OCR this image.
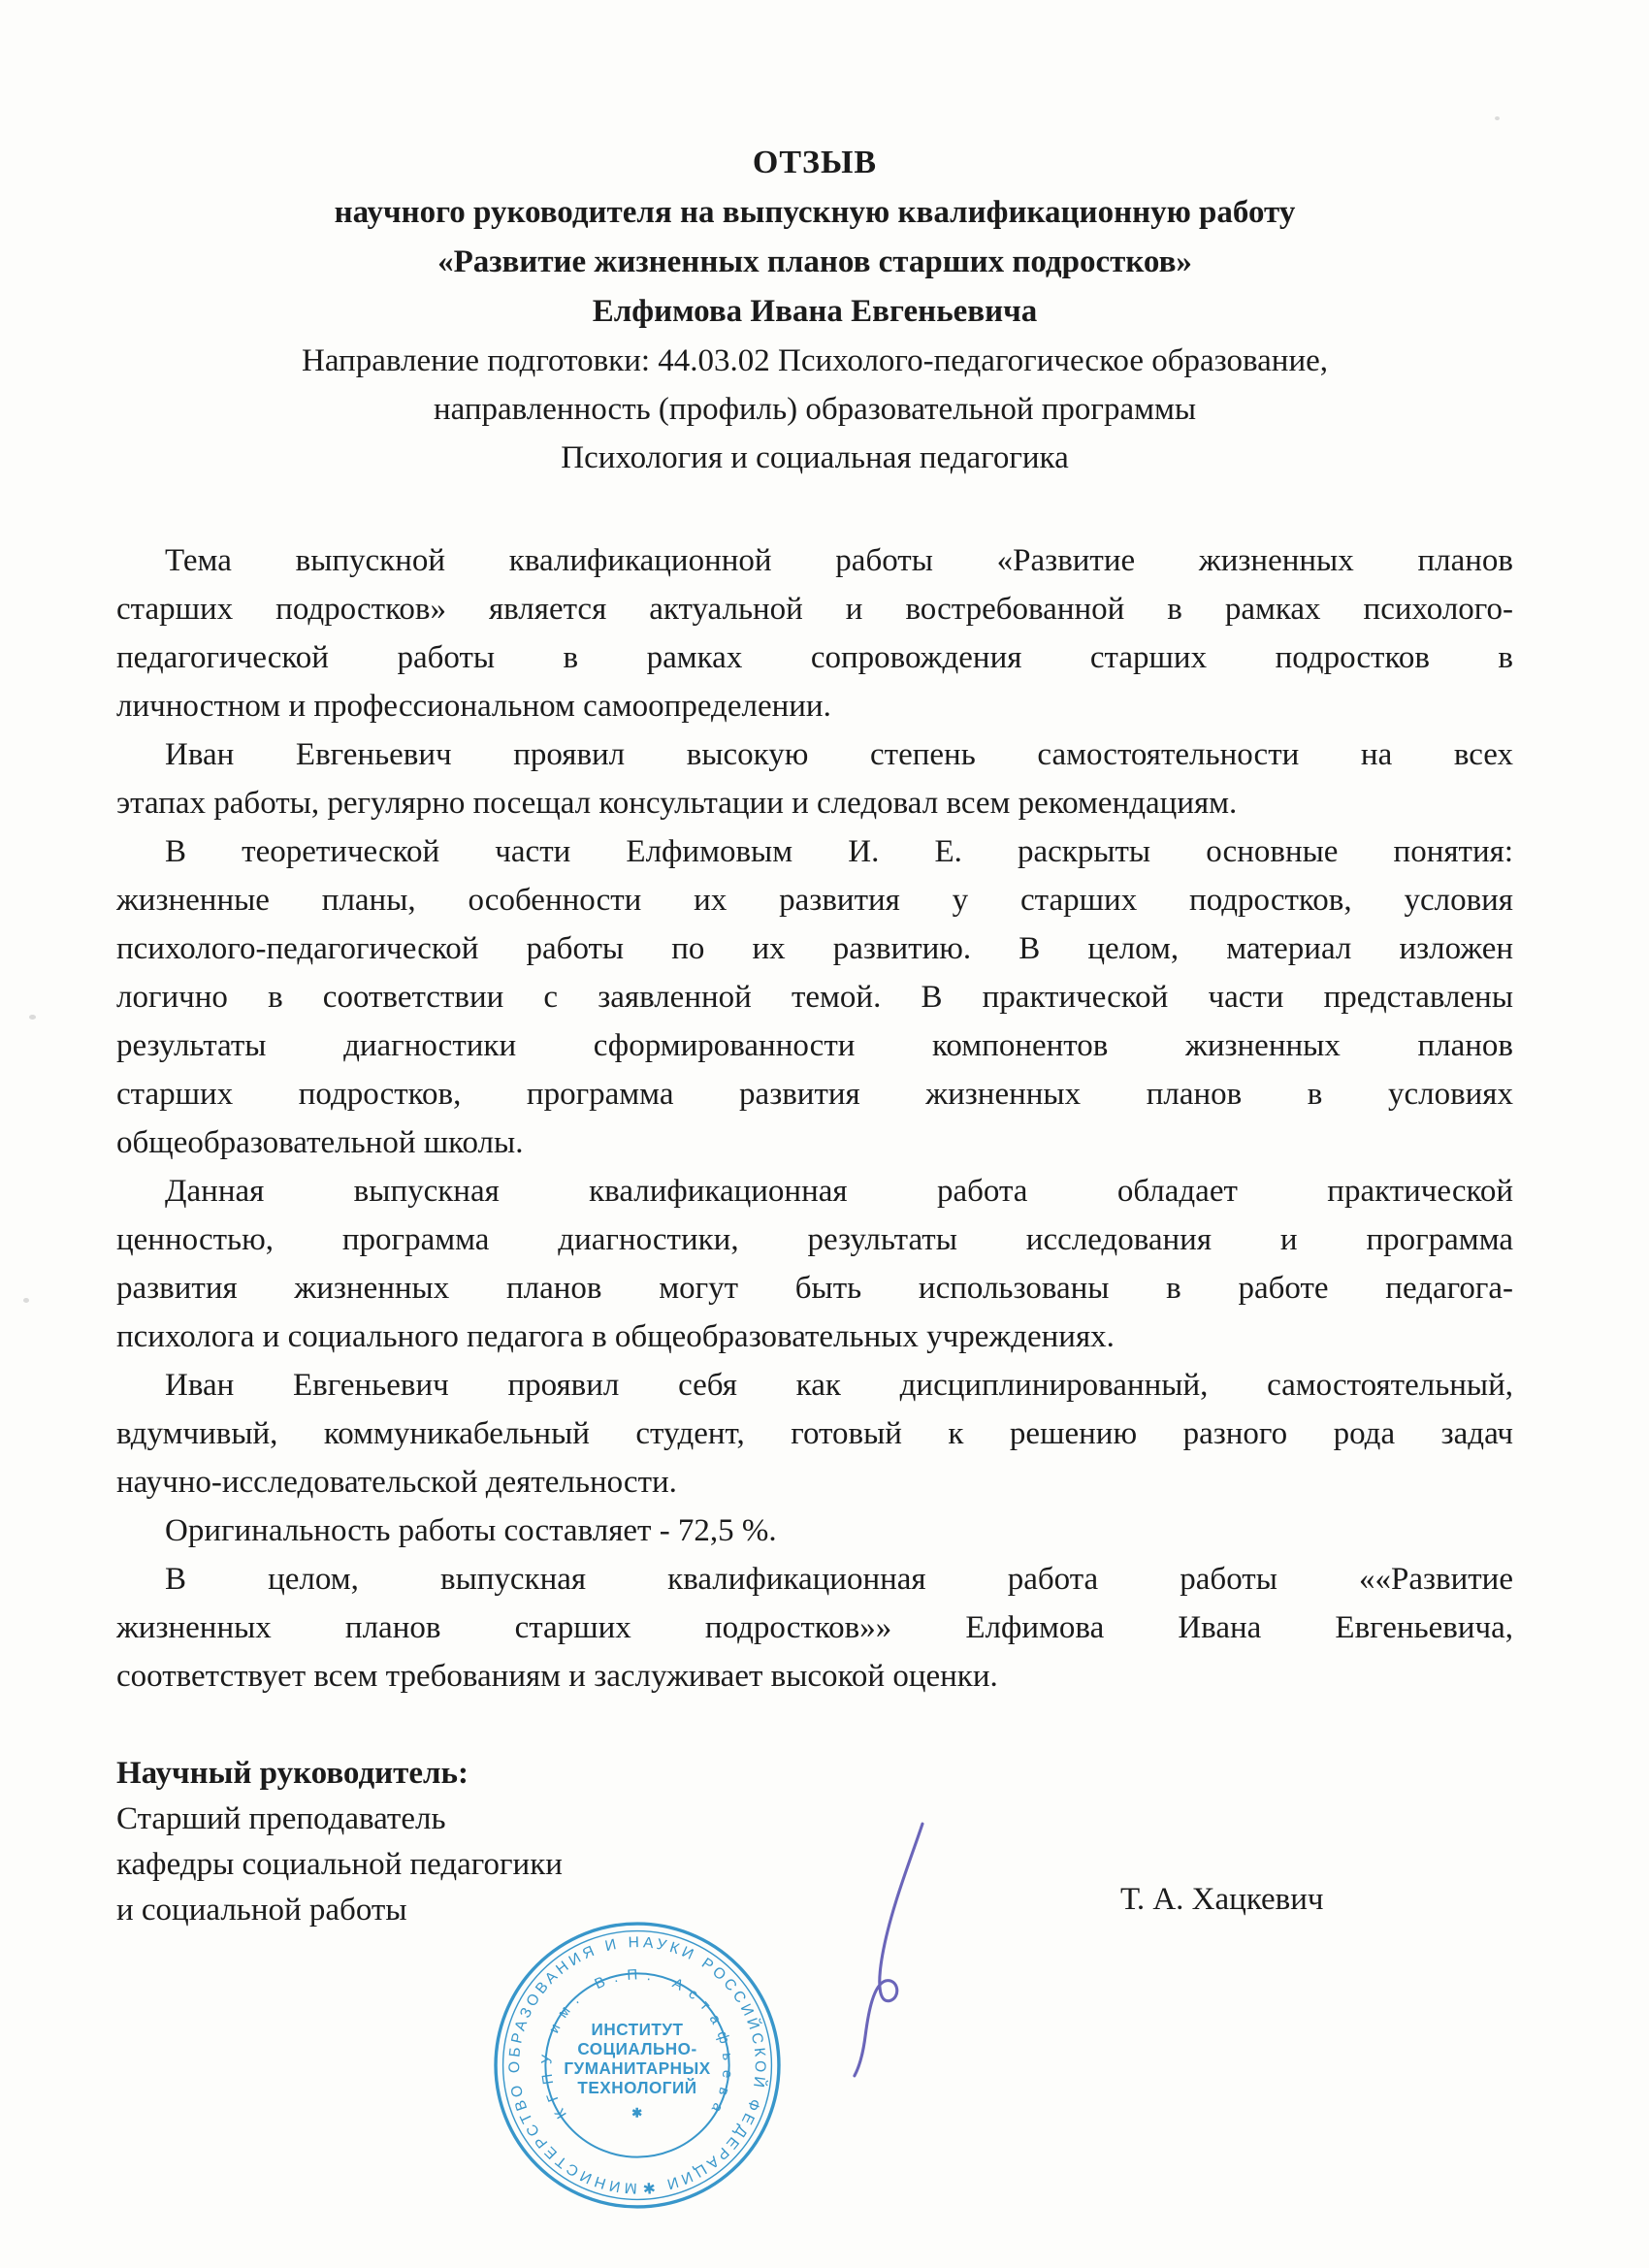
ОТЗЫВ
научного руководителя на выпускную квалификационную работу
«Развитие жизненных планов старших подростков»
Елфимова Ивана Евгеньевича
Направление подготовки: 44.03.02 Психолого-педагогическое образование,
направленность (профиль) образовательной программы
Психология и социальная педагогика
Тема выпускной квалификационной работы «Развитие жизненных планов
старших подростков» является актуальной и востребованной в рамках психолого-
педагогической работы в рамках сопровождения старших подростков в
личностном и профессиональном самоопределении.
Иван Евгеньевич проявил высокую степень самостоятельности на всех
этапах работы, регулярно посещал консультации и следовал всем рекомендациям.
В теоретической части Елфимовым И. Е. раскрыты основные понятия:
жизненные планы, особенности их развития у старших подростков, условия
психолого-педагогической работы по их развитию. В целом, материал изложен
логично в соответствии с заявленной темой. В практической части представлены
результаты диагностики сформированности компонентов жизненных планов
старших подростков, программа развития жизненных планов в условиях
общеобразовательной школы.
Данная выпускная квалификационная работа обладает практической
ценностью, программа диагностики, результаты исследования и программа
развития жизненных планов могут быть использованы в работе педагога-
психолога и социального педагога в общеобразовательных учреждениях.
Иван Евгеньевич проявил себя как дисциплинированный, самостоятельный,
вдумчивый, коммуникабельный студент, готовый к решению разного рода задач
научно-исследовательской деятельности.
Оригинальность работы составляет - 72,5 %.
В целом, выпускная квалификационная работа работы ««Развитие
жизненных планов старших подростков»» Елфимова Ивана Евгеньевича,
соответствует всем требованиям и заслуживает высокой оценки.
Научный руководитель:
Старший преподаватель
кафедры социальной педагогики
и социальной работы	Т. А. Хацкевич
МИНИСТЕРСТВО ОБРАЗОВАНИЯ И НАУКИ РОССИЙСКОЙ ФЕДЕРАЦИИ ✱
КГПУ им. В.П. Астафьева
ИНСТИТУТ
СОЦИАЛЬНО-
ГУМАНИТАРНЫХ
ТЕХНОЛОГИЙ
✱
